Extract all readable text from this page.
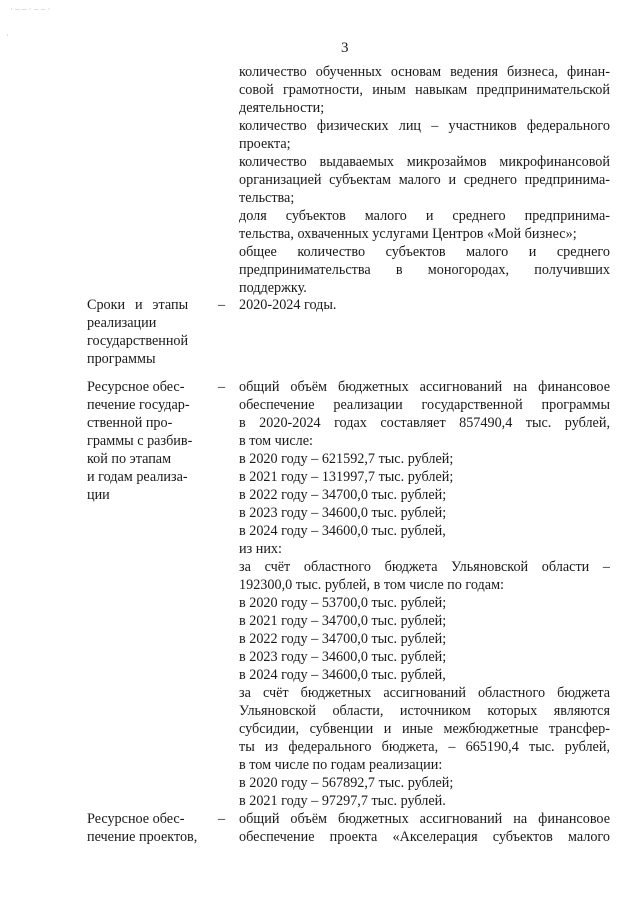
· – – · – – ·
·
3
количество обученных основам ведения бизнеса, финан-
совой грамотности, иным навыкам предпринимательской
деятельности;
количество физических лиц – участников федерального
проекта;
количество выдаваемых микрозаймов микрофинансовой
организацией субъектам малого и среднего предпринима-
тельства;
доля субъектов малого и среднего предпринима-
тельства, охваченных услугами Центров «Мой бизнес»;
общее количество субъектов малого и среднего
предпринимательства в моногородах, получивших
поддержку.
Сроки и этапы
реализации
государственной
программы
– 2020-2024 годы.
Ресурсное обес-
печение государ-
ственной про-
граммы с разбив-
кой по этапам
и годам реализа-
ции
– общий объём бюджетных ассигнований на финансовое
обеспечение реализации государственной программы
в 2020-2024 годах составляет 857490,4 тыс. рублей,
в том числе:
в 2020 году – 621592,7 тыс. рублей;
в 2021 году – 131997,7 тыс. рублей;
в 2022 году – 34700,0 тыс. рублей;
в 2023 году – 34600,0 тыс. рублей;
в 2024 году – 34600,0 тыс. рублей,
из них:
за счёт областного бюджета Ульяновской области –
192300,0 тыс. рублей, в том числе по годам:
в 2020 году – 53700,0 тыс. рублей;
в 2021 году – 34700,0 тыс. рублей;
в 2022 году – 34700,0 тыс. рублей;
в 2023 году – 34600,0 тыс. рублей;
в 2024 году – 34600,0 тыс. рублей,
за счёт бюджетных ассигнований областного бюджета
Ульяновской области, источником которых являются
субсидии, субвенции и иные межбюджетные трансфер-
ты из федерального бюджета, – 665190,4 тыс. рублей,
в том числе по годам реализации:
в 2020 году – 567892,7 тыс. рублей;
в 2021 году – 97297,7 тыс. рублей.
Ресурсное обес-
печение проектов,
– общий объём бюджетных ассигнований на финансовое
обеспечение проекта «Акселерация субъектов малого
